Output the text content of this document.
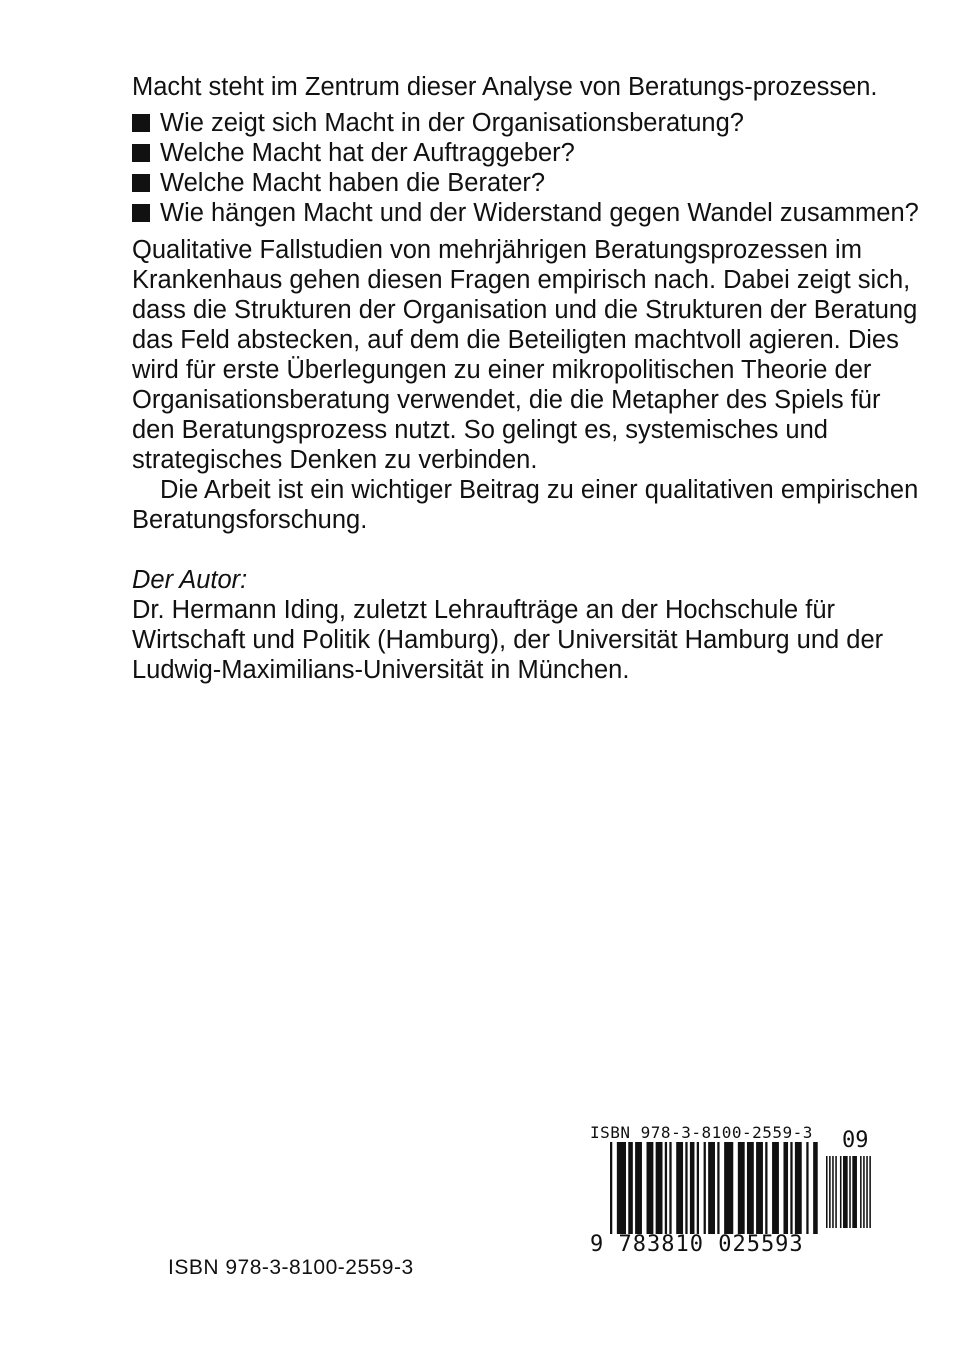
Macht steht im Zentrum dieser Analyse von Beratungs-prozessen.

Wie zeigt sich Macht in der Organisationsberatung?
Welche Macht hat der Auftraggeber?
Welche Macht haben die Berater?
Wie hängen Macht und der Widerstand gegen Wandel zusammen?

Qualitative Fallstudien von mehrjährigen Beratungsprozessen im Krankenhaus gehen diesen Fragen empirisch nach. Dabei zeigt sich, dass die Strukturen der Organisation und die Strukturen der Beratung das Feld abstecken, auf dem die Beteiligten machtvoll agieren. Dies wird für erste Überlegungen zu einer mikropolitischen Theorie der Organisationsberatung verwendet, die die Metapher des Spiels für den Beratungsprozess nutzt. So gelingt es, systemisches und strategisches Denken zu verbinden.

Die Arbeit ist ein wichtiger Beitrag zu einer qualitativen empirischen Beratungsforschung.

Der Autor:

Dr. Hermann Iding, zuletzt Lehraufträge an der Hochschule für Wirtschaft und Politik (Hamburg), der Universität Hamburg und der Ludwig-Maximilians-Universität in München.

ISBN 978-3-8100-2559-3 09
9 783810 025593
ISBN 978-3-8100-2559-3
